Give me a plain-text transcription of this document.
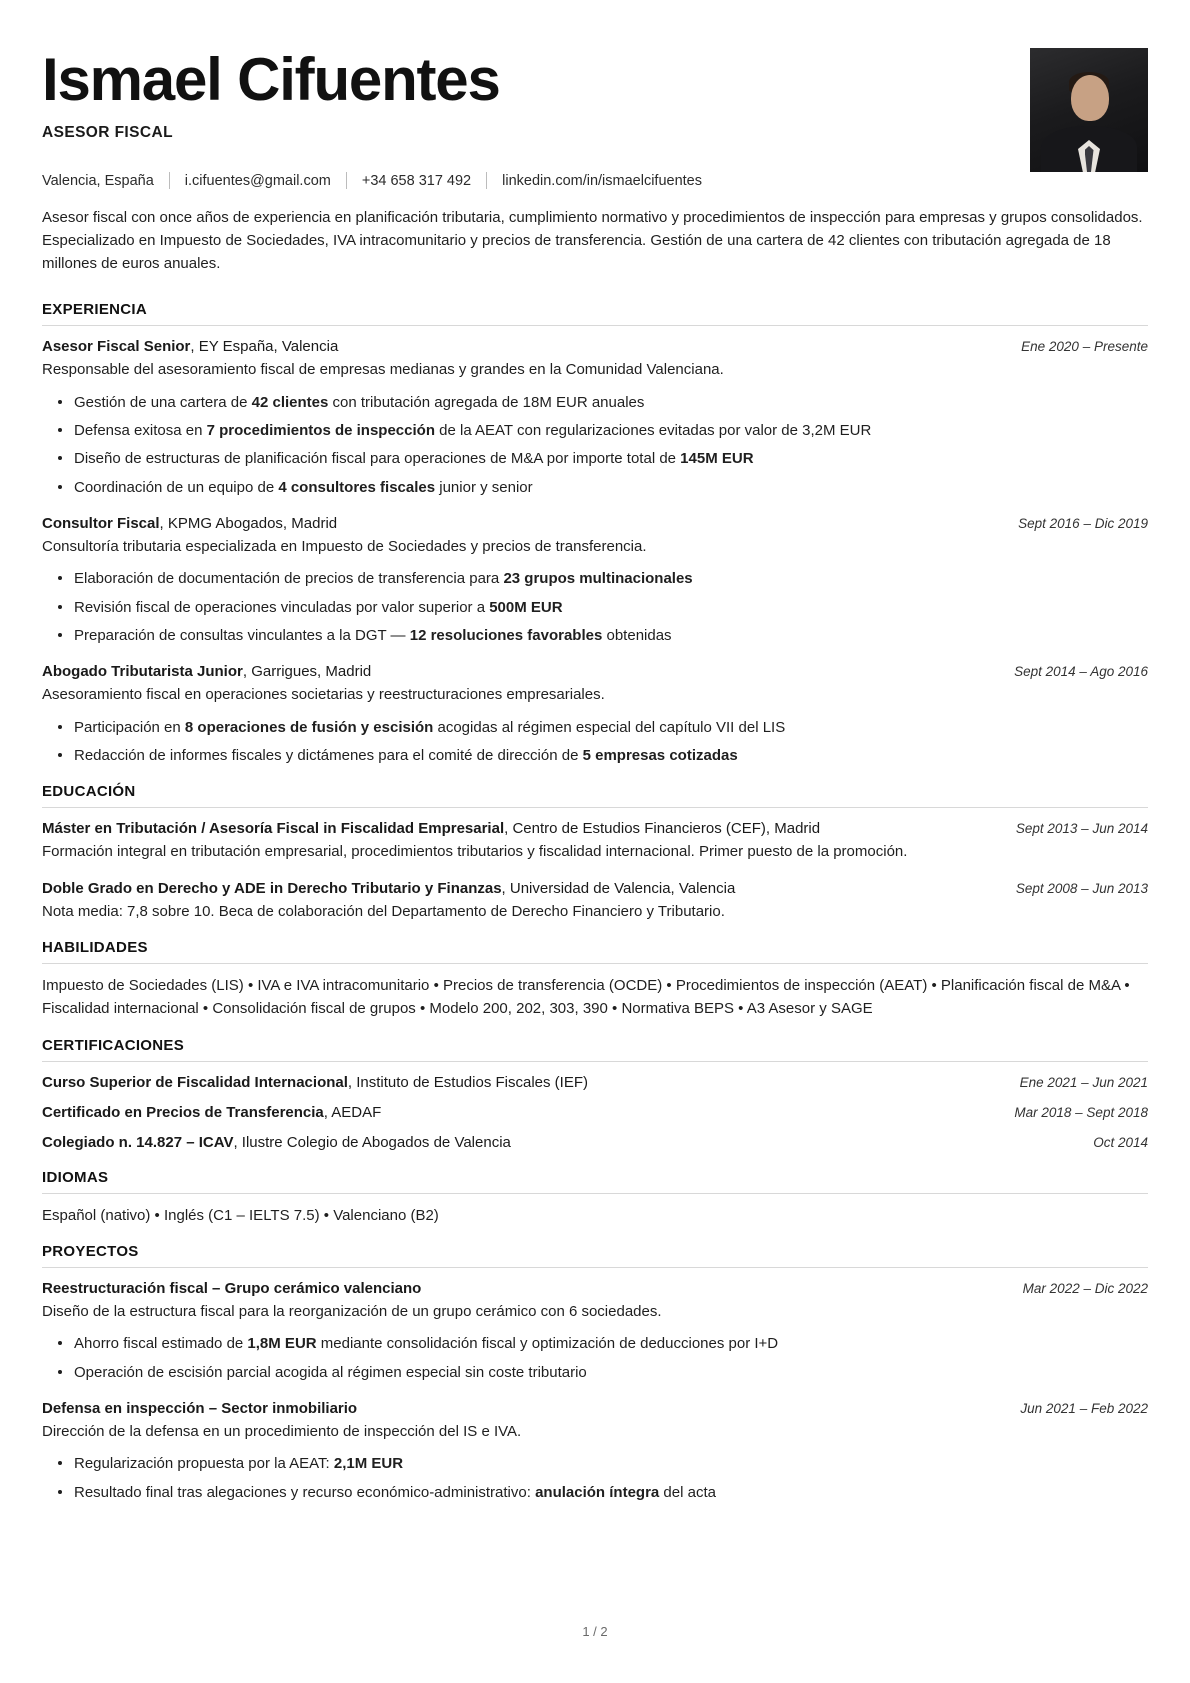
Ismael Cifuentes
ASESOR FISCAL
Valencia, España i.cifuentes@gmail.com +34 658 317 492 linkedin.com/in/ismaelcifuentes
Asesor fiscal con once años de experiencia en planificación tributaria, cumplimiento normativo y procedimientos de inspección para empresas y grupos consolidados. Especializado en Impuesto de Sociedades, IVA intracomunitario y precios de transferencia. Gestión de una cartera de 42 clientes con tributación agregada de 18 millones de euros anuales.
EXPERIENCIA
Asesor Fiscal Senior, EY España, Valencia	Ene 2020 – Presente
Responsable del asesoramiento fiscal de empresas medianas y grandes en la Comunidad Valenciana.
Gestión de una cartera de 42 clientes con tributación agregada de 18M EUR anuales
Defensa exitosa en 7 procedimientos de inspección de la AEAT con regularizaciones evitadas por valor de 3,2M EUR
Diseño de estructuras de planificación fiscal para operaciones de M&A por importe total de 145M EUR
Coordinación de un equipo de 4 consultores fiscales junior y senior
Consultor Fiscal, KPMG Abogados, Madrid	Sept 2016 – Dic 2019
Consultoría tributaria especializada en Impuesto de Sociedades y precios de transferencia.
Elaboración de documentación de precios de transferencia para 23 grupos multinacionales
Revisión fiscal de operaciones vinculadas por valor superior a 500M EUR
Preparación de consultas vinculantes a la DGT — 12 resoluciones favorables obtenidas
Abogado Tributarista Junior, Garrigues, Madrid	Sept 2014 – Ago 2016
Asesoramiento fiscal en operaciones societarias y reestructuraciones empresariales.
Participación en 8 operaciones de fusión y escisión acogidas al régimen especial del capítulo VII del LIS
Redacción de informes fiscales y dictámenes para el comité de dirección de 5 empresas cotizadas
EDUCACIÓN
Máster en Tributación / Asesoría Fiscal in Fiscalidad Empresarial, Centro de Estudios Financieros (CEF), Madrid	Sept 2013 – Jun 2014
Formación integral en tributación empresarial, procedimientos tributarios y fiscalidad internacional. Primer puesto de la promoción.
Doble Grado en Derecho y ADE in Derecho Tributario y Finanzas, Universidad de Valencia, Valencia	Sept 2008 – Jun 2013
Nota media: 7,8 sobre 10. Beca de colaboración del Departamento de Derecho Financiero y Tributario.
HABILIDADES
Impuesto de Sociedades (LIS) • IVA e IVA intracomunitario • Precios de transferencia (OCDE) • Procedimientos de inspección (AEAT) • Planificación fiscal de M&A • Fiscalidad internacional • Consolidación fiscal de grupos • Modelo 200, 202, 303, 390 • Normativa BEPS • A3 Asesor y SAGE
CERTIFICACIONES
Curso Superior de Fiscalidad Internacional, Instituto de Estudios Fiscales (IEF)	Ene 2021 – Jun 2021
Certificado en Precios de Transferencia, AEDAF	Mar 2018 – Sept 2018
Colegiado n. 14.827 – ICAV, Ilustre Colegio de Abogados de Valencia	Oct 2014
IDIOMAS
Español (nativo) • Inglés (C1 – IELTS 7.5) • Valenciano (B2)
PROYECTOS
Reestructuración fiscal – Grupo cerámico valenciano	Mar 2022 – Dic 2022
Diseño de la estructura fiscal para la reorganización de un grupo cerámico con 6 sociedades.
Ahorro fiscal estimado de 1,8M EUR mediante consolidación fiscal y optimización de deducciones por I+D
Operación de escisión parcial acogida al régimen especial sin coste tributario
Defensa en inspección – Sector inmobiliario	Jun 2021 – Feb 2022
Dirección de la defensa en un procedimiento de inspección del IS e IVA.
Regularización propuesta por la AEAT: 2,1M EUR
Resultado final tras alegaciones y recurso económico-administrativo: anulación íntegra del acta
1 / 2
